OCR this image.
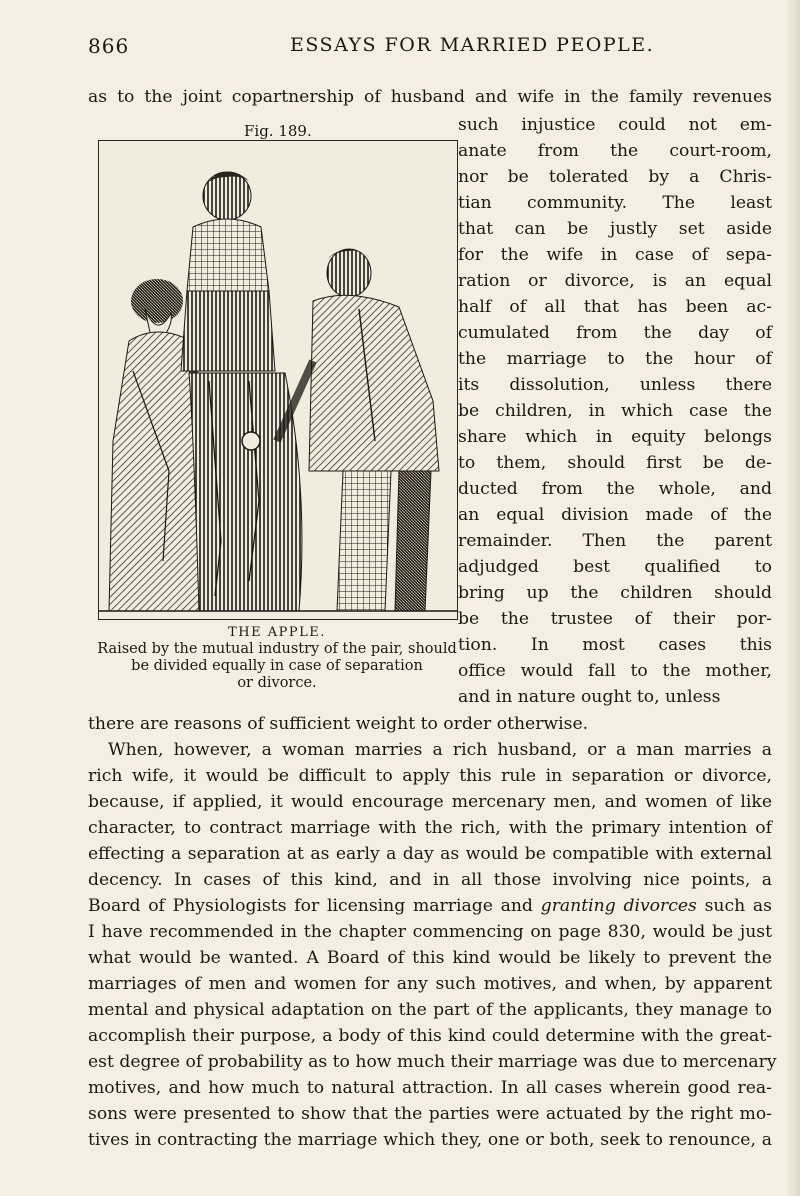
866	ESSAYS FOR MARRIED PEOPLE.
as to the joint copartnership of husband and wife in the family revenues
Fig. 189.
THE APPLE.
Raised by the mutual industry of the pair, should
be divided equally in case of separation
or divorce.
such injustice could not em-
anate from the court-room,
nor be tolerated by a Chris-
tian community. The least
that can be justly set aside
for the wife in case of sepa-
ration or divorce, is an equal
half of all that has been ac-
cumulated from the day of
the marriage to the hour of
its dissolution, unless there
be children, in which case the
share which in equity belongs
to them, should first be de-
ducted from the whole, and
an equal division made of the
remainder. Then the parent
adjudged best qualified to
bring up the children should
be the trustee of their por-
tion. In most cases this
office would fall to the mother,
and in nature ought to, unless
there are reasons of sufficient weight to order otherwise.
When, however, a woman marries a rich husband, or a man marries a
rich wife, it would be difficult to apply this rule in separation or divorce,
because, if applied, it would encourage mercenary men, and women of like
character, to contract marriage with the rich, with the primary intention of
effecting a separation at as early a day as would be compatible with external
decency. In cases of this kind, and in all those involving nice points, a
Board of Physiologists for licensing marriage and granting divorces such as
I have recommended in the chapter commencing on page 830, would be just
what would be wanted. A Board of this kind would be likely to prevent the
marriages of men and women for any such motives, and when, by apparent
mental and physical adaptation on the part of the applicants, they manage to
accomplish their purpose, a body of this kind could determine with the great-
est degree of probability as to how much their marriage was due to mercenary
motives, and how much to natural attraction. In all cases wherein good rea-
sons were presented to show that the parties were actuated by the right mo-
tives in contracting the marriage which they, one or both, seek to renounce, a
